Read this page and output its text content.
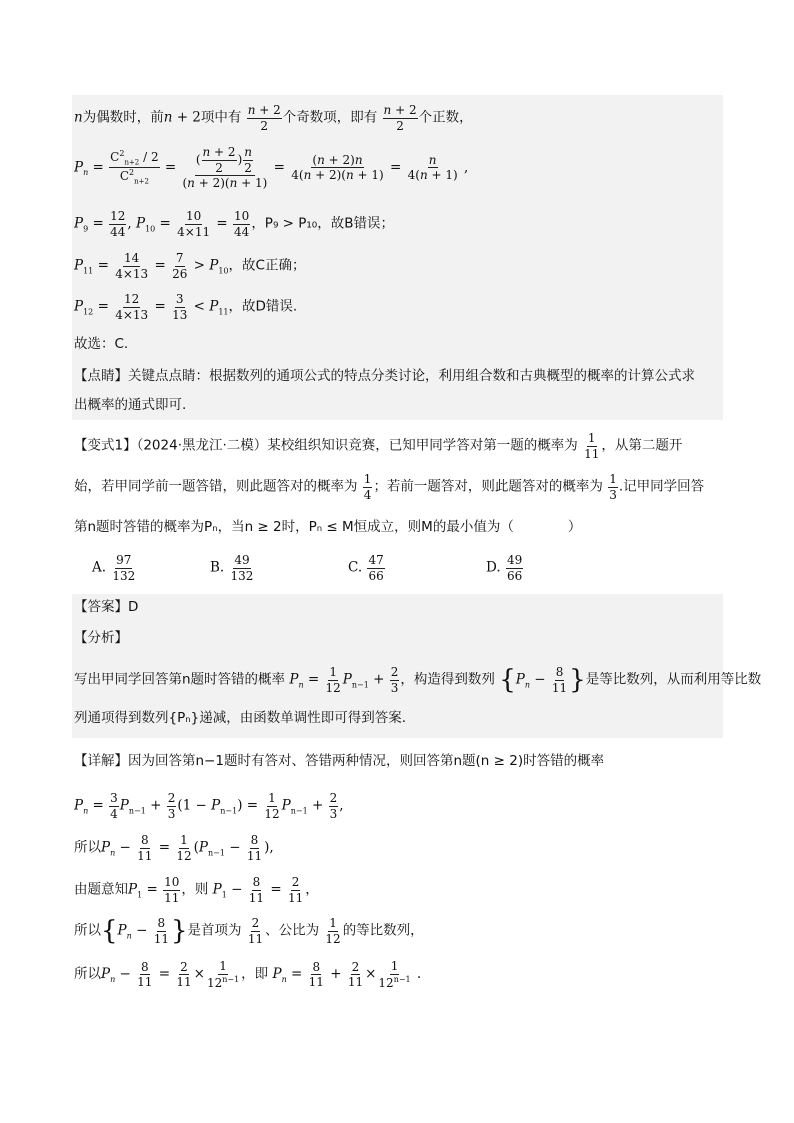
n为偶数时，前n + 2项中有 $\frac{n + 2}{2}$ 个奇数项，即有 $\frac{n + 2}{2}$ 个正数，
$P_n = \frac{C^2_{n+2} / 2}{C^2_{n+2}} = \frac{( \frac{n + 2}{2} ) \frac{n}{2}}{(n + 2)(n + 1)} = \frac{(n + 2)n}{4(n + 2)(n + 1)} = \frac{n}{4(n + 1)}$ ,
$P_9 = \frac{12}{44}$ , $P_{10} = \frac{10}{4\times 11} = \frac{10}{44}$ ，P₉ > P₁₀，故B错误；
$P_{11} = \frac{14}{4\times 13} = \frac{7}{26} > P_{10}$，故C正确；
$P_{12} = \frac{12}{4\times 13} = \frac{3}{13} < P_{11}$，故D错误.
故选：C.
【点睛】关键点点睛：根据数列的通项公式的特点分类讨论，利用组合数和古典概型的概率的计算公式求
出概率的通式即可.
【变式1】（2024·黑龙江·二模）某校组织知识竞赛，已知甲同学答对第一题的概率为 $\frac{1}{11}$ ，从第二题开
始，若甲同学前一题答错，则此题答对的概率为 $\frac{1}{4}$ ；若前一题答对，则此题答对的概率为 $\frac{1}{3}$ .记甲同学回答
第n题时答错的概率为Pₙ，当n ≥ 2时，Pₙ ≤ M恒成立，则M的最小值为（　　　　）
A. $\frac{97}{132}$	B. $\frac{49}{132}$	C. $\frac{47}{66}$	D. $\frac{49}{66}$
【答案】D
【分析】
写出甲同学回答第n题时答错的概率 $P_n = \frac{1}{12} P_{n-1} + \frac{2}{3}$ ，构造得到数列 {$P_n - \frac{8}{11}$ }是等比数列，从而利用等比数
列通项得到数列{Pₙ}递减，由函数单调性即可得到答案.
【详解】因为回答第n−1题时有答对、答错两种情况，则回答第n题(n ≥ 2)时答错的概率
$P_n = \frac{3}{4} P_{n-1} + \frac{2}{3} (1 - P_{n-1}) = \frac{1}{12} P_{n-1} + \frac{2}{3}$ ,
所以$P_n - \frac{8}{11} = \frac{1}{12} (P_{n-1} - \frac{8}{11}$ ),
由题意知$P_1 = \frac{10}{11}$ ，则 $P_1 - \frac{8}{11} = \frac{2}{11}$ ，
所以{$P_n - \frac{8}{11}$ }是首项为 $\frac{2}{11}$ 、公比为 $\frac{1}{12}$ 的等比数列，
所以$P_n - \frac{8}{11} = \frac{2}{11} \times \frac{1}{12^{n-1}}$ ，即 $P_n = \frac{8}{11} + \frac{2}{11} \times \frac{1}{12^{n-1}}$ .
